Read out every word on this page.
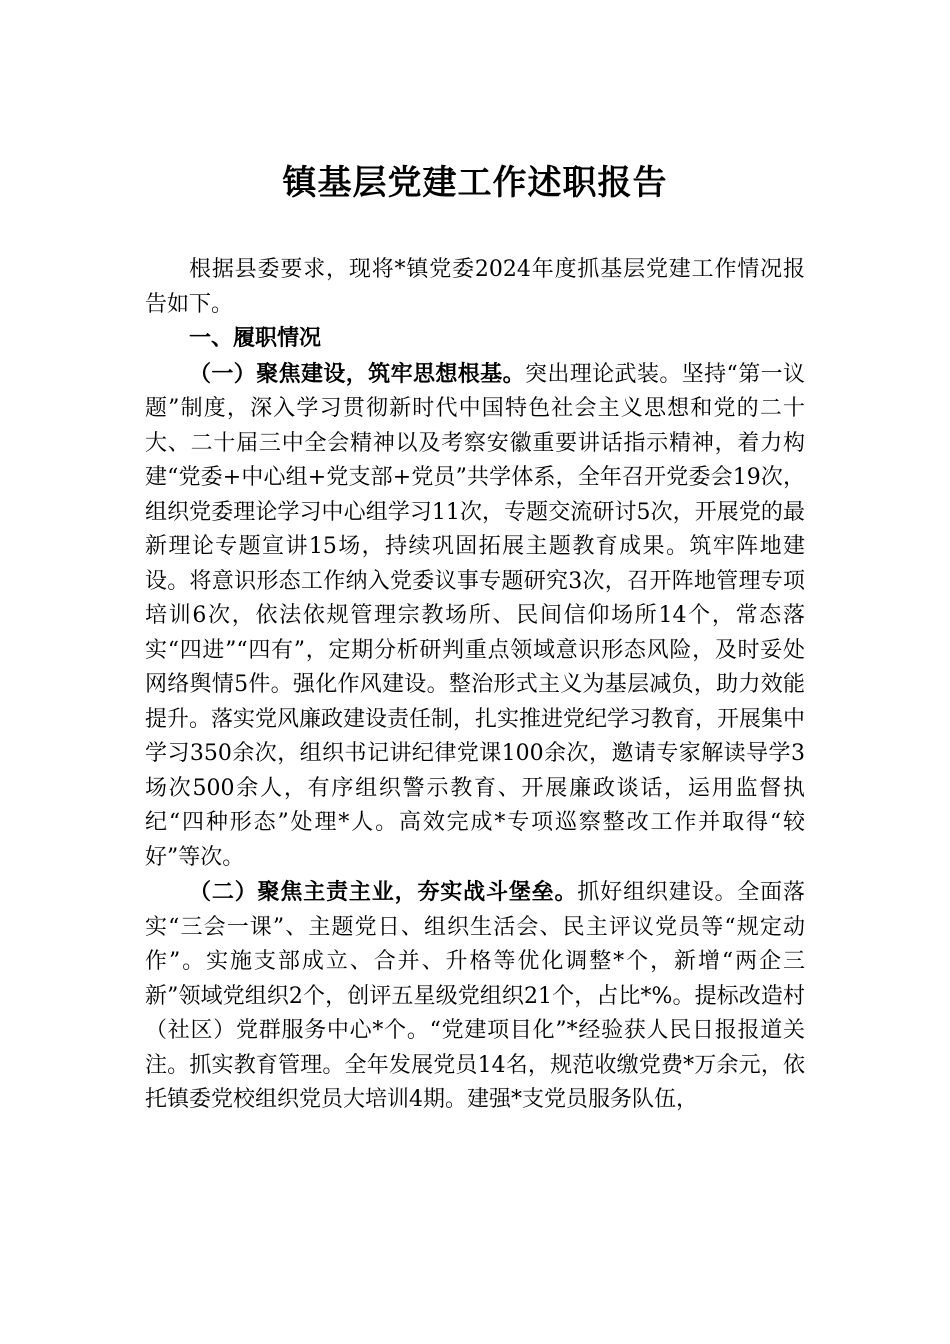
镇基层党建工作述职报告

根据县委要求，现将*镇党委2024年度抓基层党建工作情况报告如下。

一、履职情况

（一）聚焦建设，筑牢思想根基。突出理论武装。坚持“第一议题”制度，深入学习贯彻新时代中国特色社会主义思想和党的二十大、二十届三中全会精神以及考察安徽重要讲话指示精神，着力构建“党委+中心组+党支部+党员”共学体系，全年召开党委会19次，组织党委理论学习中心组学习11次，专题交流研讨5次，开展党的最新理论专题宣讲15场，持续巩固拓展主题教育成果。筑牢阵地建设。将意识形态工作纳入党委议事专题研究3次，召开阵地管理专项培训6次，依法依规管理宗教场所、民间信仰场所14个，常态落实“四进”“四有”，定期分析研判重点领域意识形态风险，及时妥处网络舆情5件。强化作风建设。整治形式主义为基层减负，助力效能提升。落实党风廉政建设责任制，扎实推进党纪学习教育，开展集中学习350余次，组织书记讲纪律党课100余次，邀请专家解读导学3场次500余人，有序组织警示教育、开展廉政谈话，运用监督执纪“四种形态”处理*人。高效完成*专项巡察整改工作并取得“较好”等次。

（二）聚焦主责主业，夯实战斗堡垒。抓好组织建设。全面落实“三会一课”、主题党日、组织生活会、民主评议党员等“规定动作”。实施支部成立、合并、升格等优化调整*个，新增“两企三新”领域党组织2个，创评五星级党组织21个，占比*%。提标改造村（社区）党群服务中心*个。“党建项目化”*经验获人民日报报道关注。抓实教育管理。全年发展党员14名，规范收缴党费*万余元，依托镇委党校组织党员大培训4期。建强*支党员服务队伍，
